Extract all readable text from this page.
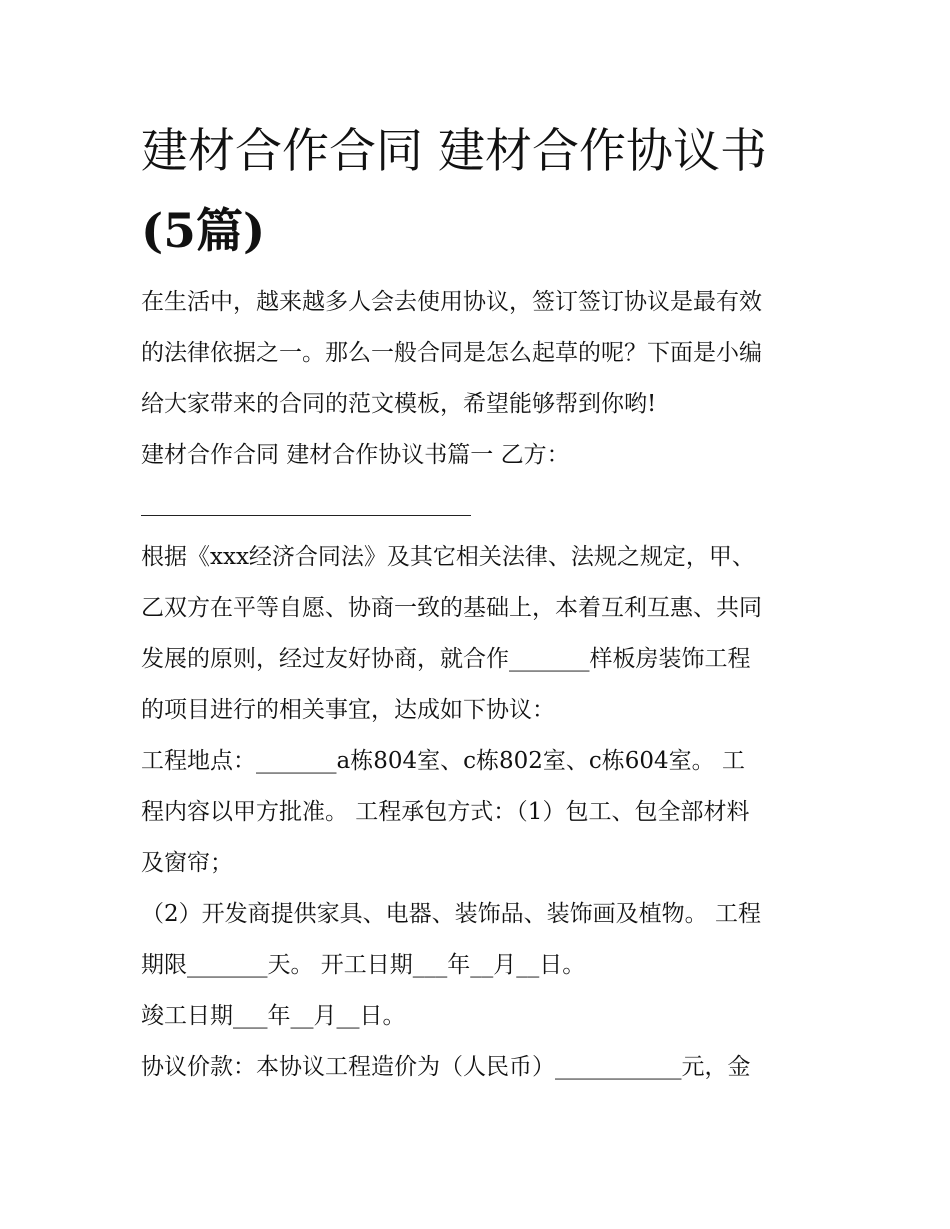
建材合作合同 建材合作协议书
(5篇)
在生活中，越来越多人会去使用协议，签订签订协议是最有效
的法律依据之一。那么一般合同是怎么起草的呢？下面是小编
给大家带来的合同的范文模板，希望能够帮到你哟!
建材合作合同 建材合作协议书篇一 乙方：
根据《xxx经济合同法》及其它相关法律、法规之规定，甲、
乙双方在平等自愿、协商一致的基础上，本着互利互惠、共同
发展的原则，经过友好协商，就合作_______样板房装饰工程
的项目进行的相关事宜，达成如下协议：
工程地点：_______a栋804室、c栋802室、c栋604室。 工
程内容以甲方批准。 工程承包方式：（1）包工、包全部材料
及窗帘；
（2）开发商提供家具、电器、装饰品、装饰画及植物。 工程
期限_______天。 开工日期___年__月__日。
竣工日期___年__月__日。
协议价款：本协议工程造价为（人民币）___________元，金
